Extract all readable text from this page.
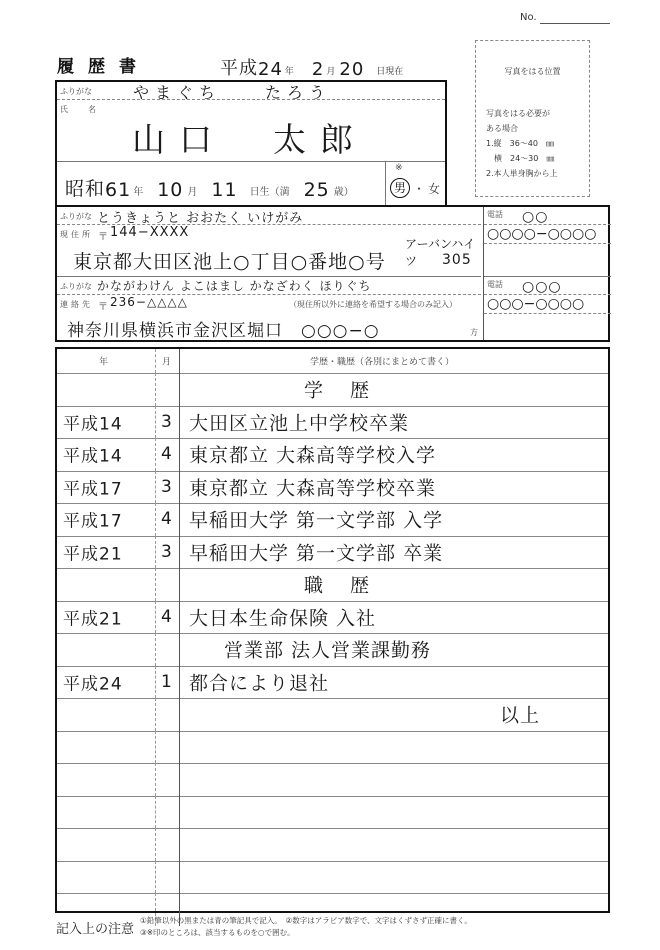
No.
履歴書	平成 24 年 2 月 20 日現在	写真をはる位置
写真をはる必要が
ある場合
1.縦　36～40　㎜
　横　24～30　㎜
2.本人単身胸から上
ふりがな	やまぐち　　たろう
氏　名
山口　太郎
昭和 61 年 10 月 11 日生（満 25 歳）
※
男 ・ 女
ふりがな とうきょうと おおたく いけがみ
現住所 〒 144−XXXX
東京都大田区池上○丁目○番地○号
アーバンハイツ	305
ふりがな かながわけん よこはまし かなざわく ほりぐち
連絡先 〒 236−△△△△	（現住所以外に連絡を希望する場合のみ記入）
神奈川県横浜市金沢区堀口　○○○−○	方
電話 ○○
○○○○−○○○○
電話 ○○○
○○○−○○○○
年	月	学歴・職歴（各別にまとめて書く）
学　歴
平成14 3 大田区立池上中学校卒業
平成14 4 東京都立 大森高等学校入学
平成17 3 東京都立 大森高等学校卒業
平成17 4 早稲田大学 第一文学部 入学
平成21 3 早稲田大学 第一文学部 卒業
職　歴
平成21 4 大日本生命保険 入社
営業部 法人営業課勤務
平成24 1 都合により退社
以上
記入上の注意
①鉛筆以外の黒または青の筆記具で記入。　②数字はアラビア数字で、文字はくずさず正確に書く。
③※印のところは、該当するものを○で囲む。
